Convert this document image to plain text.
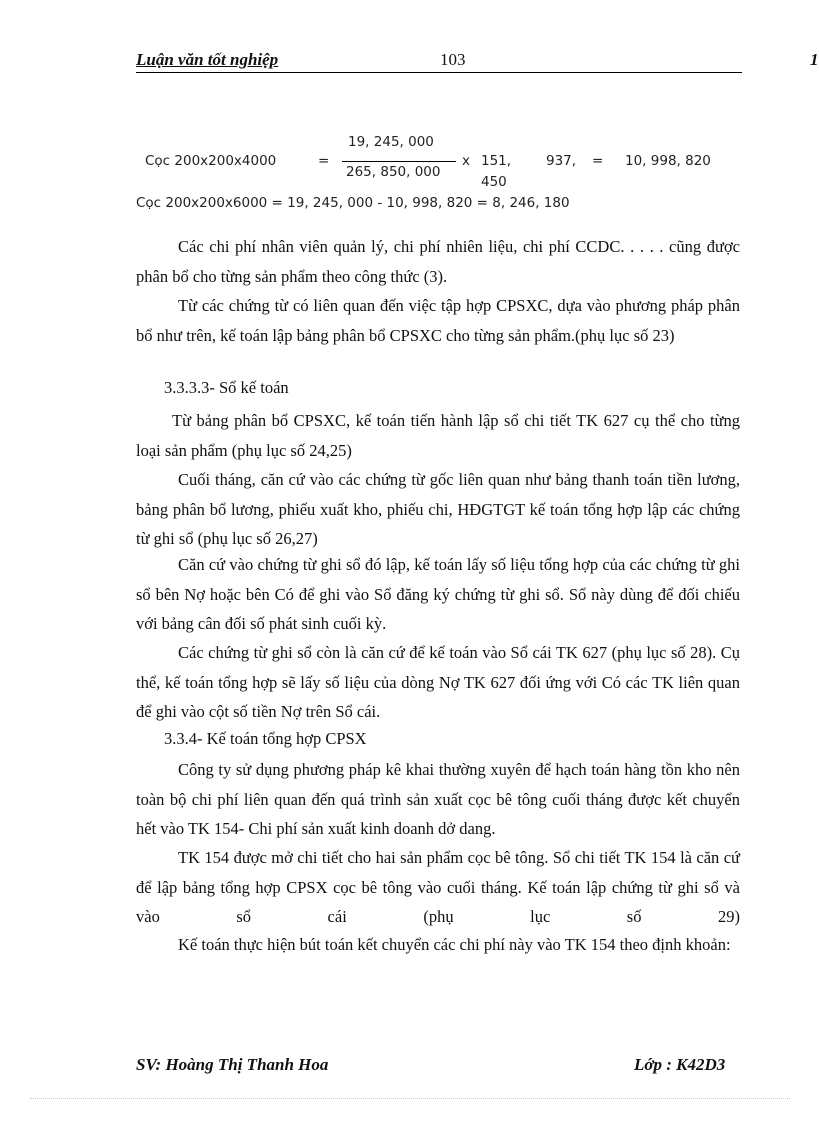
Luận văn tốt nghiệp	103	1
Cọc 200x200x4000	=
19, 245, 000
265, 850, 000
x 151,
450
937, = 10, 998, 820
Cọc 200x200x6000 = 19, 245, 000 - 10, 998, 820 = 8, 246, 180

Các chi phí nhân viên quản lý, chi phí nhiên liệu, chi phí CCDC. . . . . cũng được phân bổ cho từng sản phẩm theo công thức (3).

Từ các chứng từ có liên quan đến việc tập hợp CPSXC, dựa vào phương pháp phân bổ như trên, kế toán lập bảng phân bổ CPSXC cho từng sản phẩm.(phụ lục số 23)

3.3.3.3- Sổ kế toán

Từ bảng phân bổ CPSXC, kế toán tiến hành lập sổ chi tiết TK 627 cụ thể cho từng loại sản phẩm (phụ lục số 24,25)

Cuối tháng, căn cứ vào các chứng từ gốc liên quan như bảng thanh toán tiền lương, bảng phân bổ lương, phiếu xuất kho, phiếu chi, HĐGTGT kế toán tổng hợp lập các chứng từ ghi sổ (phụ lục số 26,27)

Căn cứ vào chứng từ ghi sổ đó lập, kế toán lấy số liệu tổng hợp của các chứng từ ghi sổ bên Nợ hoặc bên Có để ghi vào Sổ đăng ký chứng từ ghi sổ. Sổ này dùng để đối chiếu với bảng cân đối số phát sinh cuối kỳ.

Các chứng từ ghi sổ còn là căn cứ để kế toán vào Sổ cái TK 627 (phụ lục số 28). Cụ thể, kế toán tổng hợp sẽ lấy số liệu của dòng Nợ TK 627 đối ứng với Có các TK liên quan để ghi vào cột số tiền Nợ trên Sổ cái.

3.3.4- Kế toán tổng hợp CPSX

Công ty sử dụng phương pháp kê khai thường xuyên để hạch toán hàng tồn kho nên toàn bộ chi phí liên quan đến quá trình sản xuất cọc bê tông cuối tháng được kết chuyển hết vào TK 154- Chi phí sản xuất kinh doanh dở dang.

TK 154 được mở chi tiết cho hai sản phẩm cọc bê tông. Sổ chi tiết TK 154 là căn cứ để lập bảng tổng hợp CPSX cọc bê tông vào cuối tháng. Kế toán lập chứng từ ghi sổ và vào sổ cái (phụ lục số 29)

Kế toán thực hiện bút toán kết chuyển các chi phí này vào TK 154 theo định khoản:

SV: Hoàng Thị Thanh Hoa	Lớp : K42D3
